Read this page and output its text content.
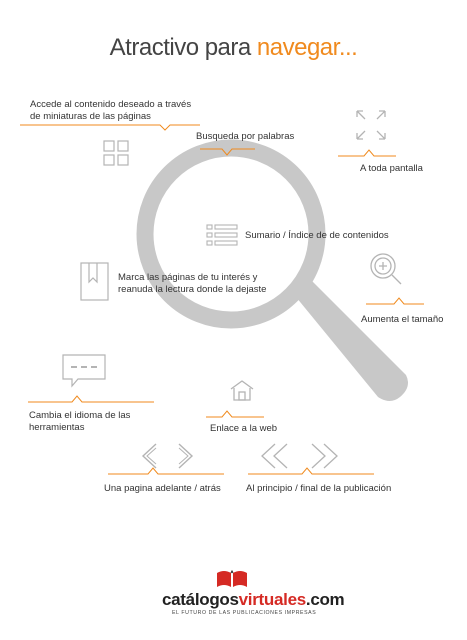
Atractivo para navegar...
Accede al contenido deseado a través de miniaturas de las páginas
Busqueda por palabras
A toda pantalla
Sumario / Índice de de contenidos
Marca las páginas de tu interés y reanuda la lectura donde la dejaste
Aumenta el tamaño
Cambia el idioma de las herramientas	Enlace a la web
Una pagina adelante / atrás	Al principio / final de la publicación
catálogosvirtuales.com
EL FUTURO DE LAS PUBLICACIONES IMPRESAS
